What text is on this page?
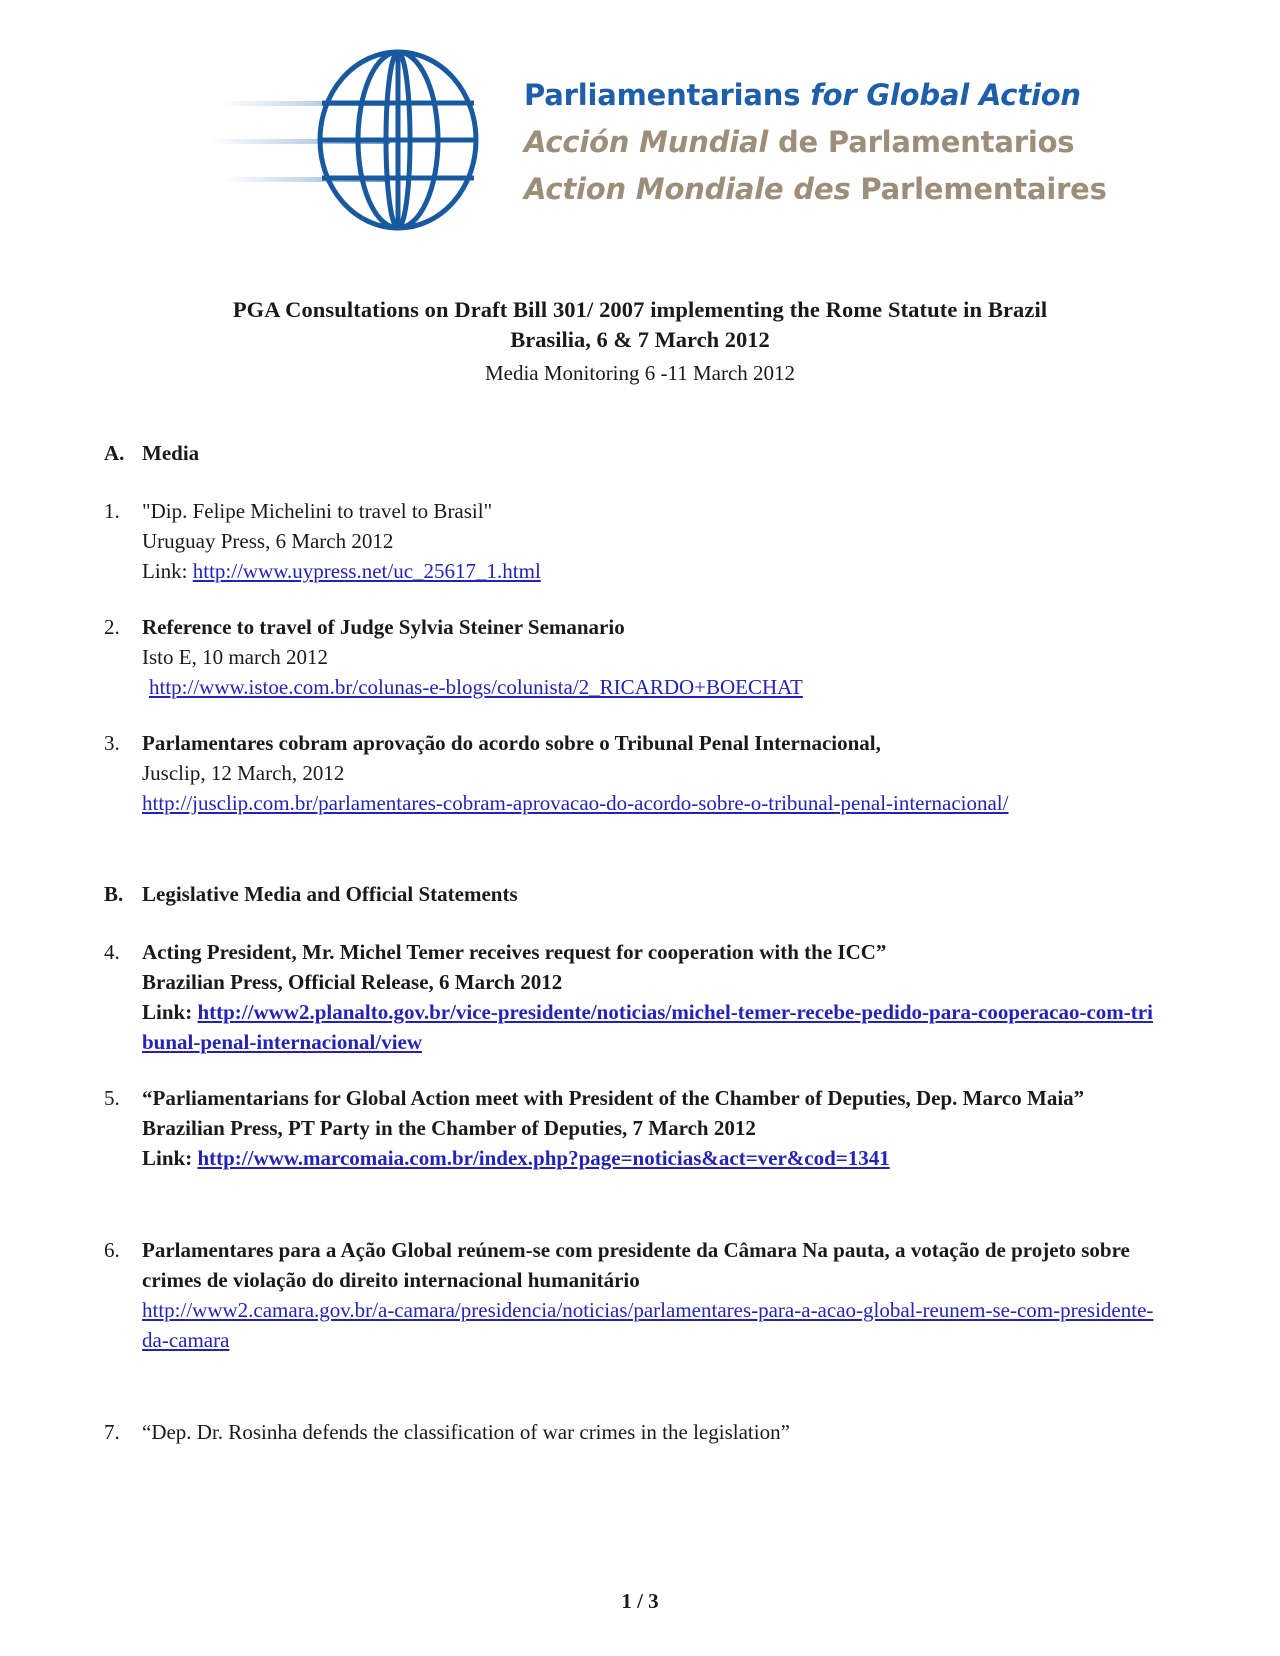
Parliamentarians for Global Action
Acción Mundial de Parlamentarios
Action Mondiale des Parlementaires
PGA Consultations on Draft Bill 301/ 2007 implementing the Rome Statute in Brazil
Brasilia, 6 & 7 March 2012
Media Monitoring 6 -11 March 2012
A. Media
1.	"Dip. Felipe Michelini to travel to Brasil"
Uruguay Press, 6 March 2012
Link: http://www.uypress.net/uc_25617_1.html
2.	Reference to travel of Judge Sylvia Steiner Semanario
Isto E, 10 march 2012
http://www.istoe.com.br/colunas-e-blogs/colunista/2_RICARDO+BOECHAT
3.	Parlamentares cobram aprovação do acordo sobre o Tribunal Penal Internacional,
Jusclip, 12 March, 2012
http://jusclip.com.br/parlamentares-cobram-aprovacao-do-acordo-sobre-o-tribunal-penal-internacional/
B. Legislative Media and Official Statements
4.	Acting President, Mr. Michel Temer receives request for cooperation with the ICC”
Brazilian Press, Official Release, 6 March 2012
Link: http://www2.planalto.gov.br/vice-presidente/noticias/michel-temer-recebe-pedido-para-cooperacao-com-tribunal-penal-internacional/view
5.	“Parliamentarians for Global Action meet with President of the Chamber of Deputies, Dep. Marco Maia”
Brazilian Press, PT Party in the Chamber of Deputies, 7 March 2012
Link: http://www.marcomaia.com.br/index.php?page=noticias&act=ver&cod=1341
6.	Parlamentares para a Ação Global reúnem-se com presidente da Câmara Na pauta, a votação de projeto sobre crimes de violação do direito internacional humanitário
http://www2.camara.gov.br/a-camara/presidencia/noticias/parlamentares-para-a-acao-global-reunem-se-com-presidente-da-camara
7.	“Dep. Dr. Rosinha defends the classification of war crimes in the legislation”
1 / 3
